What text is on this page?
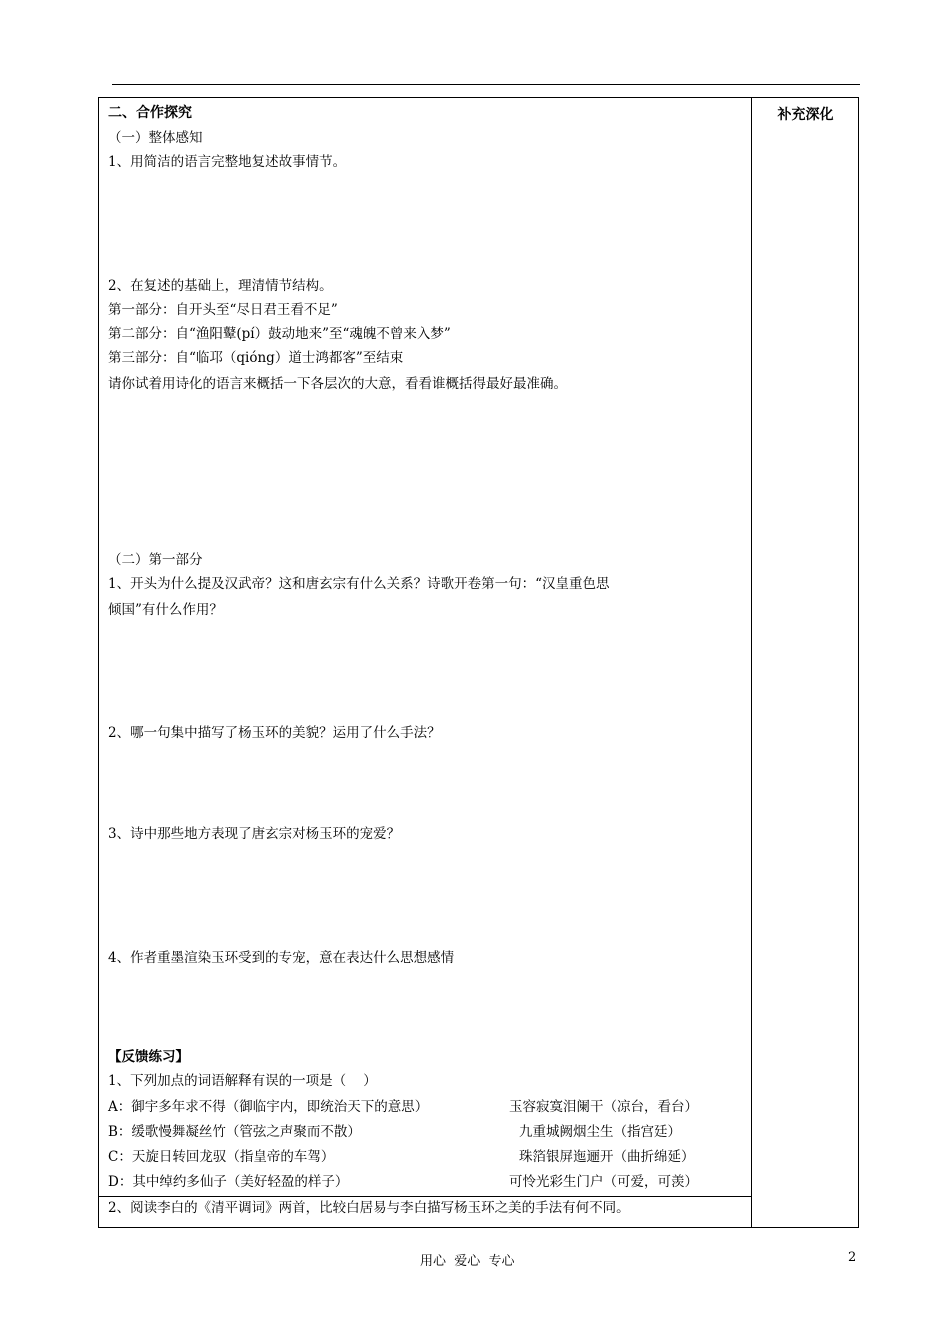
补充深化
二、合作探究
（一）整体感知
1、用简洁的语言完整地复述故事情节。
2、在复述的基础上，理清情节结构。
第一部分：自开头至“尽日君王看不足”
第二部分：自“渔阳鼙(pí）鼓动地来”至“魂魄不曾来入梦”
第三部分：自“临邛（qióng）道士鸿都客”至结束
请你试着用诗化的语言来概括一下各层次的大意，看看谁概括得最好最准确。
（二）第一部分
1、开头为什么提及汉武帝？这和唐玄宗有什么关系？诗歌开卷第一句：“汉皇重色思
倾国”有什么作用？
2、哪一句集中描写了杨玉环的美貌？运用了什么手法？
3、诗中那些地方表现了唐玄宗对杨玉环的宠爱？
4、作者重墨渲染玉环受到的专宠，意在表达什么思想感情
【反馈练习】
1、下列加点的词语解释有误的一项是（    ）
A：御宇多年求不得（御临宇内，即统治天下的意思）	玉容寂寞泪阑干（凉台，看台）
B：缓歌慢舞凝丝竹（管弦之声聚而不散）	九重城阙烟尘生（指宫廷）
C：天旋日转回龙驭（指皇帝的车驾）	珠箔银屏迤逦开（曲折绵延）
D：其中绰约多仙子（美好轻盈的样子）	可怜光彩生门户（可爱，可羡）
2、阅读李白的《清平调词》两首，比较白居易与李白描写杨玉环之美的手法有何不同。
用心  爱心  专心	2
